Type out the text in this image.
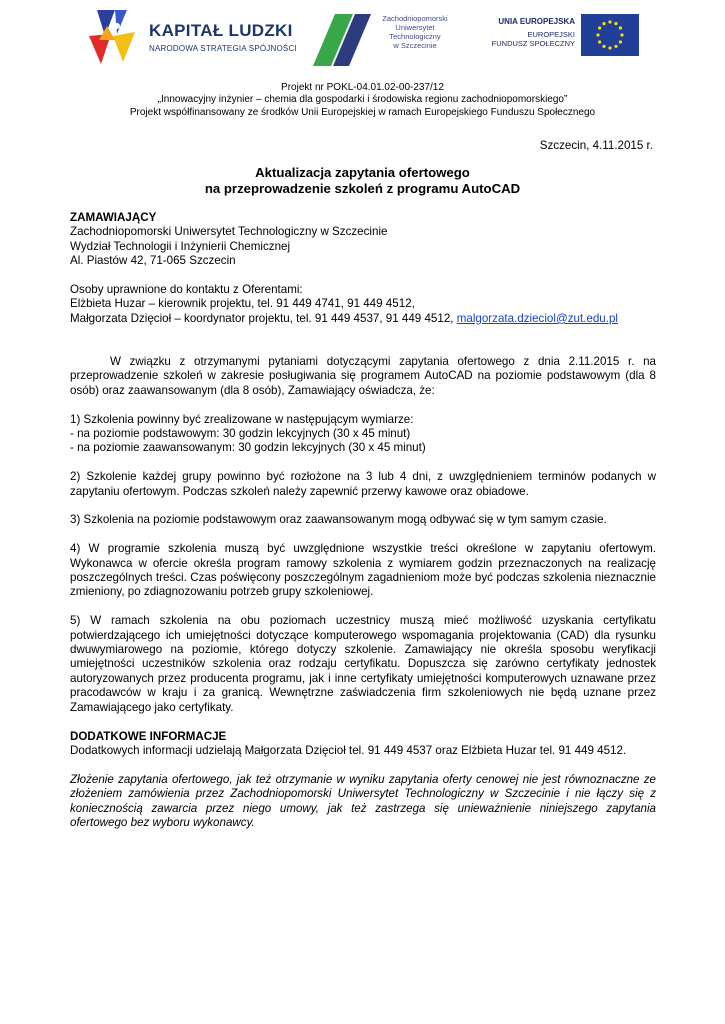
KAPITAŁ LUDZKI
NARODOWA STRATEGIA SPÓJNOŚCI
Zachodniopomorski
Uniwersytet
Technologiczny
w Szczecinie
UNIA EUROPEJSKA
EUROPEJSKI
FUNDUSZ SPOŁECZNY
Projekt nr POKL-04.01.02-00-237/12
„Innowacyjny inżynier – chemia dla gospodarki i środowiska regionu zachodniopomorskiego”
Projekt współfinansowany ze środków Unii Europejskiej w ramach Europejskiego Funduszu Społecznego
Szczecin, 4.11.2015 r.
Aktualizacja zapytania ofertowego
na przeprowadzenie szkoleń z programu AutoCAD

ZAMAWIAJĄCY

Zachodniopomorski Uniwersytet Technologiczny w Szczecinie

Wydział Technologii i Inżynierii Chemicznej

Al. Piastów 42, 71-065 Szczecin

Osoby uprawnione do kontaktu z Oferentami:

Elżbieta Huzar – kierownik projektu, tel. 91 449 4741, 91 449 4512,

Małgorzata Dzięcioł – koordynator projektu, tel. 91 449 4537, 91 449 4512, malgorzata.dzieciol@zut.edu.pl

W związku z otrzymanymi pytaniami dotyczącymi zapytania ofertowego z dnia 2.11.2015 r. na przeprowadzenie szkoleń w zakresie posługiwania się programem AutoCAD na poziomie podstawowym (dla 8 osób) oraz zaawansowanym (dla 8 osób), Zamawiający oświadcza, że:

1) Szkolenia powinny być zrealizowane w następującym wymiarze:

- na poziomie podstawowym: 30 godzin lekcyjnych (30 x 45 minut)

- na poziomie zaawansowanym: 30 godzin lekcyjnych (30 x 45 minut)

2) Szkolenie każdej grupy powinno być rozłożone na 3 lub 4 dni, z uwzględnieniem terminów podanych w zapytaniu ofertowym. Podczas szkoleń należy zapewnić przerwy kawowe oraz obiadowe.

3) Szkolenia na poziomie podstawowym oraz zaawansowanym mogą odbywać się w tym samym czasie.

4) W programie szkolenia muszą być uwzględnione wszystkie treści określone w zapytaniu ofertowym. Wykonawca w ofercie określa program ramowy szkolenia z wymiarem godzin przeznaczonych na realizację poszczególnych treści. Czas poświęcony poszczególnym zagadnieniom może być podczas szkolenia nieznacznie zmieniony, po zdiagnozowaniu potrzeb grupy szkoleniowej.

5) W ramach szkolenia na obu poziomach uczestnicy muszą mieć możliwość uzyskania certyfikatu potwierdzającego ich umiejętności dotyczące komputerowego wspomagania projektowania (CAD) dla rysunku dwuwymiarowego na poziomie, którego dotyczy szkolenie. Zamawiający nie określa sposobu weryfikacji umiejętności uczestników szkolenia oraz rodzaju certyfikatu. Dopuszcza się zarówno certyfikaty jednostek autoryzowanych przez producenta programu, jak i inne certyfikaty umiejętności komputerowych uznawane przez pracodawców w kraju i za granicą. Wewnętrzne zaświadczenia firm szkoleniowych nie będą uznane przez Zamawiającego jako certyfikaty.

DODATKOWE INFORMACJE

Dodatkowych informacji udzielają Małgorzata Dzięcioł tel. 91 449 4537 oraz Elżbieta Huzar tel. 91 449 4512.

Złożenie zapytania ofertowego, jak też otrzymanie w wyniku zapytania oferty cenowej nie jest równoznaczne ze złożeniem zamówienia przez Zachodniopomorski Uniwersytet Technologiczny w Szczecinie i nie łączy się z koniecznością zawarcia przez niego umowy, jak też zastrzega się unieważnienie niniejszego zapytania ofertowego bez wyboru wykonawcy.
